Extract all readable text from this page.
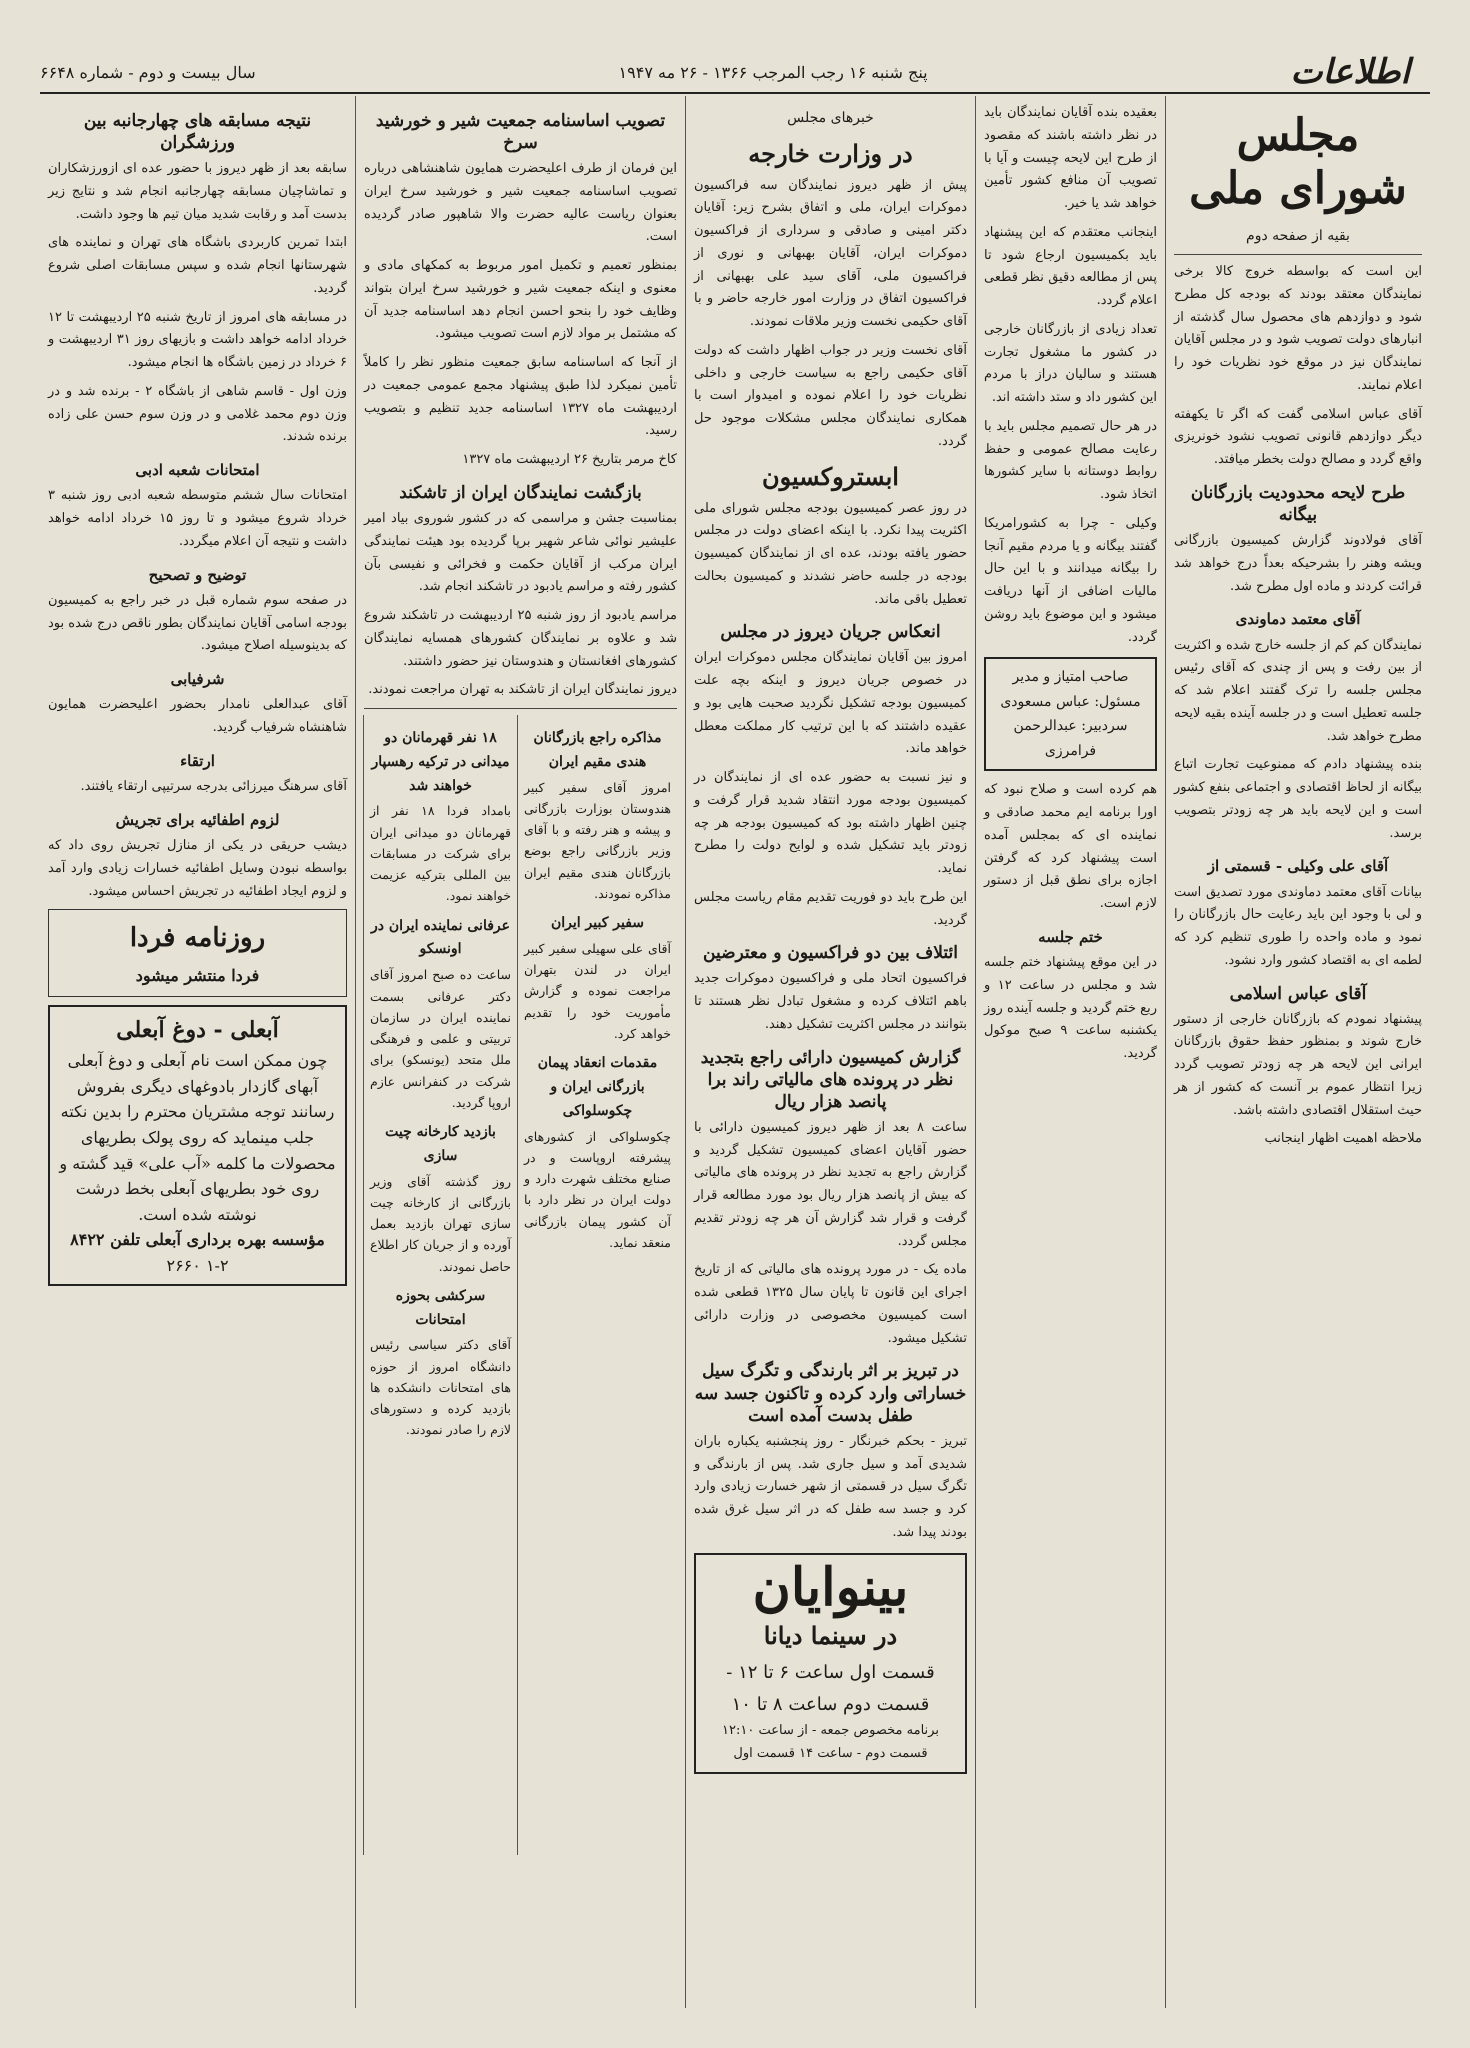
اطلاعات
پنج شنبه ۱۶ رجب المرجب ۱۳۶۶ - ۲۶ مه ۱۹۴۷
سال بیست و دوم - شماره ۶۶۴۸
مجلس شورای ملی
بقیه از صفحه دوم

این است که بواسطه خروج کالا برخی نمایندگان معتقد بودند که بودجه کل مطرح شود و دوازدهم های محصول سال گذشته از انبارهای دولت تصویب شود و در مجلس آقایان نمایندگان نیز در موقع خود نظریات خود را اعلام نمایند.

آقای عباس اسلامی گفت که اگر تا یکهفته دیگر دوازدهم قانونی تصویب نشود خونریزی واقع گردد و مصالح دولت بخطر میافتد.

طرح لایحه محدودیت بازرگانان بیگانه

آقای فولادوند گزارش کمیسیون بازرگانی ویشه وهنر را بشرحیکه بعداً درج خواهد شد قرائت کردند و ماده اول مطرح شد.

آقای معتمد دماوندی

نمایندگان کم کم از جلسه خارج شده و اکثریت از بین رفت و پس از چندی که آقای رئیس مجلس جلسه را ترک گفتند اعلام شد که جلسه تعطیل است و در جلسه آینده بقیه لایحه مطرح خواهد شد.

بنده پیشنهاد دادم که ممنوعیت تجارت اتباع بیگانه از لحاظ اقتصادی و اجتماعی بنفع کشور است و این لایحه باید هر چه زودتر بتصویب برسد.

آقای علی وکیلی - قسمتی از

بیانات آقای معتمد دماوندی مورد تصدیق است و لی با وجود این باید رعایت حال بازرگانان را نمود و ماده واحده را طوری تنظیم کرد که لطمه ای به اقتصاد کشور وارد نشود.

آقای عباس اسلامی

پیشنهاد نمودم که بازرگانان خارجی از دستور خارج شوند و بمنظور حفظ حقوق بازرگانان ایرانی این لایحه هر چه زودتر تصویب گردد زیرا انتظار عموم بر آنست که کشور از هر حیث استقلال اقتصادی داشته باشد.

ملاحظه اهمیت اظهار اینجانب

بعقیده بنده آقایان نمایندگان باید در نظر داشته باشند که مقصود از طرح این لایحه چیست و آیا با تصویب آن منافع کشور تأمین خواهد شد یا خیر.

اینجانب معتقدم که این پیشنهاد باید بکمیسیون ارجاع شود تا پس از مطالعه دقیق نظر قطعی اعلام گردد.

تعداد زیادی از بازرگانان خارجی در کشور ما مشغول تجارت هستند و سالیان دراز با مردم این کشور داد و ستد داشته اند.

در هر حال تصمیم مجلس باید با رعایت مصالح عمومی و حفظ روابط دوستانه با سایر کشورها اتخاذ شود.

وکیلی - چرا به کشورامریکا گفتند بیگانه و یا مردم مقیم آنجا را بیگانه میدانند و با این حال مالیات اضافی از آنها دریافت میشود و این موضوع باید روشن گردد.

صاحب امتیاز و مدیر مسئول: عباس مسعودی
سردبیر: عبدالرحمن فرامرزی

هم کرده است و صلاح نبود که اورا برنامه ایم محمد صادقی و نماینده ای که بمجلس آمده است پیشنهاد کرد که گرفتن اجازه برای نطق قبل از دستور لازم است.

ختم جلسه

در این موقع پیشنهاد ختم جلسه شد و مجلس در ساعت ۱۲ و ربع ختم گردید و جلسه آینده روز یکشنبه ساعت ۹ صبح موکول گردید.

خبرهای مجلس
در وزارت خارجه

پیش از ظهر دیروز نمایندگان سه فراکسیون دموکرات ایران، ملی و اتفاق بشرح زیر: آقایان دکتر امینی و صادقی و سرداری از فراکسیون دموکرات ایران، آقایان بهبهانی و نوری از فراکسیون ملی، آقای سید علی بهبهانی از فراکسیون اتفاق در وزارت امور خارجه حاضر و با آقای حکیمی نخست وزیر ملاقات نمودند.

آقای نخست وزیر در جواب اظهار داشت که دولت آقای حکیمی راجع به سیاست خارجی و داخلی نظریات خود را اعلام نموده و امیدوار است با همکاری نمایندگان مجلس مشکلات موجود حل گردد.

ابستروکسیون

در روز عصر کمیسیون بودجه مجلس شورای ملی اکثریت پیدا نکرد. با اینکه اعضای دولت در مجلس حضور یافته بودند، عده ای از نمایندگان کمیسیون بودجه در جلسه حاضر نشدند و کمیسیون بحالت تعطیل باقی ماند.

انعکاس جریان دیروز در مجلس

امروز بین آقایان نمایندگان مجلس دموکرات ایران در خصوص جریان دیروز و اینکه بچه علت کمیسیون بودجه تشکیل نگردید صحبت هایی بود و عقیده داشتند که با این ترتیب کار مملکت معطل خواهد ماند.

و نیز نسبت به حضور عده ای از نمایندگان در کمیسیون بودجه مورد انتقاد شدید قرار گرفت و چنین اظهار داشته بود که کمیسیون بودجه هر چه زودتر باید تشکیل شده و لوایح دولت را مطرح نماید.

این طرح باید دو فوریت تقدیم مقام ریاست مجلس گردید.

ائتلاف بین دو فراکسیون و معترضین

فراکسیون اتحاد ملی و فراکسیون دموکرات جدید باهم ائتلاف کرده و مشغول تبادل نظر هستند تا بتوانند در مجلس اکثریت تشکیل دهند.

گزارش کمیسیون دارائی راجع بتجدید نظر در پرونده های مالیاتی راند برا پانصد هزار ریال

ساعت ۸ بعد از ظهر دیروز کمیسیون دارائی با حضور آقایان اعضای کمیسیون تشکیل گردید و گزارش راجع به تجدید نظر در پرونده های مالیاتی که بیش از پانصد هزار ریال بود مورد مطالعه قرار گرفت و قرار شد گزارش آن هر چه زودتر تقدیم مجلس گردد.

ماده یک - در مورد پرونده های مالیاتی که از تاریخ اجرای این قانون تا پایان سال ۱۳۲۵ قطعی شده است کمیسیون مخصوصی در وزارت دارائی تشکیل میشود.

در تبریز بر اثر بارندگی و تگرگ سیل خساراتی وارد کرده و تاکنون جسد سه طفل بدست آمده است

تبریز - بحکم خبرنگار - روز پنجشنبه یکباره باران شدیدی آمد و سیل جاری شد. پس از بارندگی و تگرگ سیل در قسمتی از شهر خسارت زیادی وارد کرد و جسد سه طفل که در اثر سیل غرق شده بودند پیدا شد.

بینوایان
در سینما دیانا
قسمت اول ساعت ۶ تا ۱۲ - قسمت دوم ساعت ۸ تا ۱۰
برنامه مخصوص جمعه - از ساعت ۱۲:۱۰ قسمت دوم - ساعت ۱۴ قسمت اول
تصویب اساسنامه جمعیت شیر و خورشید سرخ

این فرمان از طرف اعلیحضرت همایون شاهنشاهی درباره تصویب اساسنامه جمعیت شیر و خورشید سرخ ایران بعنوان ریاست عالیه حضرت والا شاهپور صادر گردیده است.

بمنظور تعمیم و تکمیل امور مربوط به کمکهای مادی و معنوی و اینکه جمعیت شیر و خورشید سرخ ایران بتواند وظایف خود را بنحو احسن انجام دهد اساسنامه جدید آن که مشتمل بر مواد لازم است تصویب میشود.

از آنجا که اساسنامه سابق جمعیت منظور نظر را کاملاً تأمین نمیکرد لذا طبق پیشنهاد مجمع عمومی جمعیت در اردیبهشت ماه ۱۳۲۷ اساسنامه جدید تنظیم و بتصویب رسید.

کاخ مرمر بتاریخ ۲۶ اردیبهشت ماه ۱۳۲۷

بازگشت نمایندگان ایران از تاشکند

بمناسبت جشن و مراسمی که در کشور شوروی بیاد امیر علیشیر نوائی شاعر شهیر برپا گردیده بود هیئت نمایندگی ایران مرکب از آقایان حکمت و فخرائی و نفیسی بآن کشور رفته و مراسم یادبود در تاشکند انجام شد.

مراسم یادبود از روز شنبه ۲۵ اردیبهشت در تاشکند شروع شد و علاوه بر نمایندگان کشورهای همسایه نمایندگان کشورهای افغانستان و هندوستان نیز حضور داشتند.

دیروز نمایندگان ایران از تاشکند به تهران مراجعت نمودند.

مذاکره راجع بازرگانان هندی مقیم ایران

امروز آقای سفیر کبیر هندوستان بوزارت بازرگانی و پیشه و هنر رفته و با آقای وزیر بازرگانی راجع بوضع بازرگانان هندی مقیم ایران مذاکره نمودند.

سفیر کبیر ایران

آقای علی سهیلی سفیر کبیر ایران در لندن بتهران مراجعت نموده و گزارش مأموریت خود را تقدیم خواهد کرد.

مقدمات انعقاد پیمان بازرگانی ایران و چکوسلواکی

چکوسلواکی از کشورهای پیشرفته اروپاست و در صنایع مختلف شهرت دارد و دولت ایران در نظر دارد با آن کشور پیمان بازرگانی منعقد نماید.

۱۸ نفر قهرمانان دو میدانی در ترکیه رهسپار خواهند شد

بامداد فردا ۱۸ نفر از قهرمانان دو میدانی ایران برای شرکت در مسابقات بین المللی بترکیه عزیمت خواهند نمود.

عرفانی نماینده ایران در اونسکو

ساعت ده صبح امروز آقای دکتر عرفانی بسمت نماینده ایران در سازمان تربیتی و علمی و فرهنگی ملل متحد (یونسکو) برای شرکت در کنفرانس عازم اروپا گردید.

بازدید کارخانه چیت سازی

روز گذشته آقای وزیر بازرگانی از کارخانه چیت سازی تهران بازدید بعمل آورده و از جریان کار اطلاع حاصل نمودند.

سرکشی بحوزه امتحانات

آقای دکتر سیاسی رئیس دانشگاه امروز از حوزه های امتحانات دانشکده ها بازدید کرده و دستورهای لازم را صادر نمودند.

نتیجه مسابقه های چهارجانبه بین ورزشگران

سابقه بعد از ظهر دیروز با حضور عده ای ازورزشکاران و تماشاچیان مسابقه چهارجانبه انجام شد و نتایج زیر بدست آمد و رقابت شدید میان تیم ها وجود داشت.

ابتدا تمرین کاربردی باشگاه های تهران و نماینده های شهرستانها انجام شده و سپس مسابقات اصلی شروع گردید.

در مسابقه های امروز از تاریخ شنبه ۲۵ اردیبهشت تا ۱۲ خرداد ادامه خواهد داشت و بازیهای روز ۳۱ اردیبهشت و ۶ خرداد در زمین باشگاه ها انجام میشود.

وزن اول - قاسم شاهی از باشگاه ۲ - برنده شد و در وزن دوم محمد غلامی و در وزن سوم حسن علی زاده برنده شدند.

امتحانات شعبه ادبی

امتحانات سال ششم متوسطه شعبه ادبی روز شنبه ۳ خرداد شروع میشود و تا روز ۱۵ خرداد ادامه خواهد داشت و نتیجه آن اعلام میگردد.

توضیح و تصحیح

در صفحه سوم شماره قبل در خبر راجع به کمیسیون بودجه اسامی آقایان نمایندگان بطور ناقص درج شده بود که بدینوسیله اصلاح میشود.

شرفیابی

آقای عبدالعلی نامدار بحضور اعلیحضرت همایون شاهنشاه شرفیاب گردید.

ارتقاء

آقای سرهنگ میرزائی بدرجه سرتیپی ارتقاء یافتند.

لزوم اطفائیه برای تجریش

دیشب حریقی در یکی از منازل تجریش روی داد که بواسطه نبودن وسایل اطفائیه خسارات زیادی وارد آمد و لزوم ایجاد اطفائیه در تجریش احساس میشود.

روزنامه فردا
فردا منتشر میشود
آبعلی - دوغ آبعلی
چون ممکن است نام آبعلی و دوغ آبعلی آبهای گازدار بادوغهای دیگری بفروش رسانند توجه مشتریان محترم را بدین نکته جلب مینماید که روی پولک بطریهای محصولات ما کلمه «آب علی» قید گشته و روی خود بطریهای آبعلی بخط درشت نوشته شده است.
مؤسسه بهره برداری آبعلی تلفن ۸۴۲۲
۱-۲ ۲۶۶۰
